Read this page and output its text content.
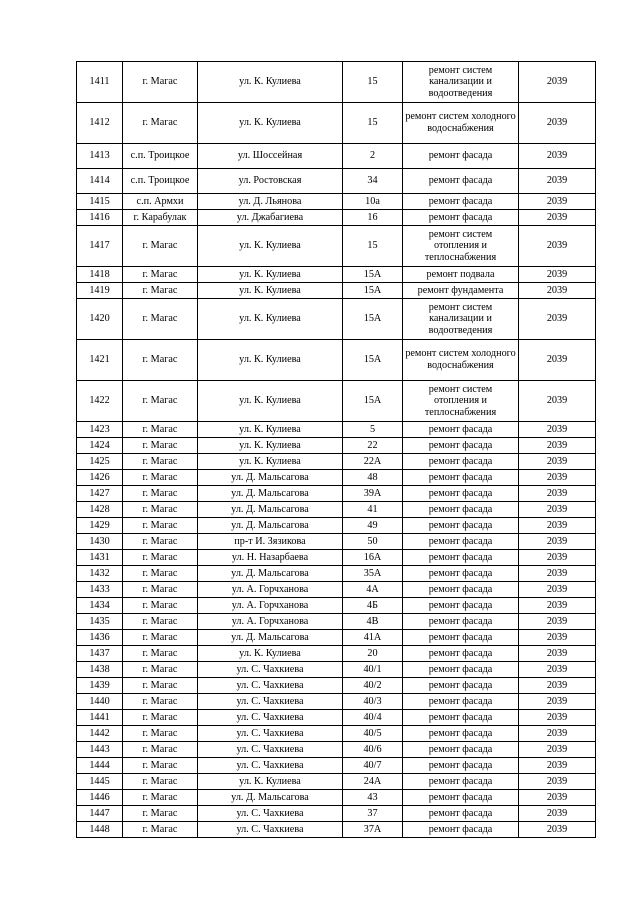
1411	г. Магас	ул. К. Кулиева	15	ремонт систем канализации и водоотведения	2039
1412	г. Магас	ул. К. Кулиева	15	ремонт систем холодного водоснабжения	2039
1413	с.п. Троицкое	ул. Шоссейная	2	ремонт фасада	2039
1414	с.п. Троицкое	ул. Ростовская	34	ремонт фасада	2039
1415	с.п. Армхи	ул. Д. Льянова	10а	ремонт фасада	2039
1416	г. Карабулак	ул. Джабагиева	16	ремонт фасада	2039
1417	г. Магас	ул. К. Кулиева	15	ремонт систем отопления и теплоснабжения	2039
1418	г. Магас	ул. К. Кулиева	15А	ремонт подвала	2039
1419	г. Магас	ул. К. Кулиева	15А	ремонт фундамента	2039
1420	г. Магас	ул. К. Кулиева	15А	ремонт систем канализации и водоотведения	2039
1421	г. Магас	ул. К. Кулиева	15А	ремонт систем холодного водоснабжения	2039
1422	г. Магас	ул. К. Кулиева	15А	ремонт систем отопления и теплоснабжения	2039
1423	г. Магас	ул. К. Кулиева	5	ремонт фасада	2039
1424	г. Магас	ул. К. Кулиева	22	ремонт фасада	2039
1425	г. Магас	ул. К. Кулиева	22А	ремонт фасада	2039
1426	г. Магас	ул. Д. Мальсагова	48	ремонт фасада	2039
1427	г. Магас	ул. Д. Мальсагова	39А	ремонт фасада	2039
1428	г. Магас	ул. Д. Мальсагова	41	ремонт фасада	2039
1429	г. Магас	ул. Д. Мальсагова	49	ремонт фасада	2039
1430	г. Магас	пр-т И. Зязикова	50	ремонт фасада	2039
1431	г. Магас	ул. Н. Назарбаева	16А	ремонт фасада	2039
1432	г. Магас	ул. Д. Мальсагова	35А	ремонт фасада	2039
1433	г. Магас	ул. А. Горчханова	4А	ремонт фасада	2039
1434	г. Магас	ул. А. Горчханова	4Б	ремонт фасада	2039
1435	г. Магас	ул. А. Горчханова	4В	ремонт фасада	2039
1436	г. Магас	ул. Д. Мальсагова	41А	ремонт фасада	2039
1437	г. Магас	ул. К. Кулиева	20	ремонт фасада	2039
1438	г. Магас	ул. С. Чахкиева	40/1	ремонт фасада	2039
1439	г. Магас	ул. С. Чахкиева	40/2	ремонт фасада	2039
1440	г. Магас	ул. С. Чахкиева	40/3	ремонт фасада	2039
1441	г. Магас	ул. С. Чахкиева	40/4	ремонт фасада	2039
1442	г. Магас	ул. С. Чахкиева	40/5	ремонт фасада	2039
1443	г. Магас	ул. С. Чахкиева	40/6	ремонт фасада	2039
1444	г. Магас	ул. С. Чахкиева	40/7	ремонт фасада	2039
1445	г. Магас	ул. К. Кулиева	24А	ремонт фасада	2039
1446	г. Магас	ул. Д. Мальсагова	43	ремонт фасада	2039
1447	г. Магас	ул. С. Чахкиева	37	ремонт фасада	2039
1448	г. Магас	ул. С. Чахкиева	37А	ремонт фасада	2039
